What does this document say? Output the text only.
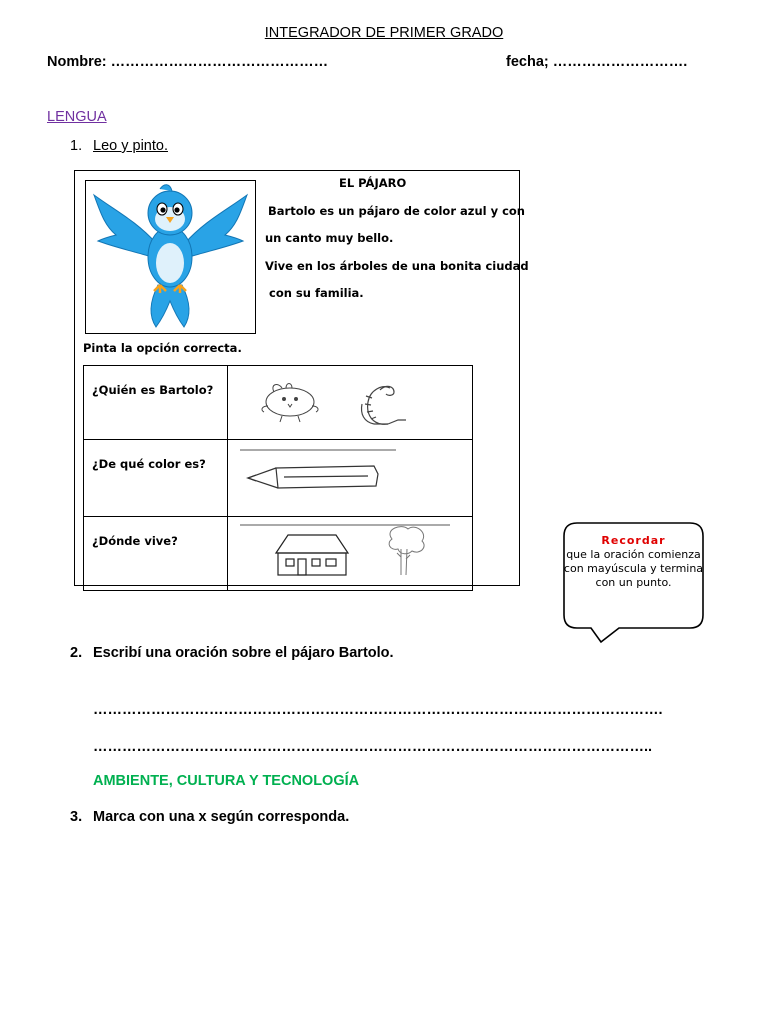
INTEGRADOR DE PRIMER GRADO
Nombre: ………………………………………	fecha; ……………………….
LENGUA
1. Leo y pinto.
EL PÁJARO
Bartolo es un pájaro de color azul y con
un canto muy bello.
Vive en los árboles de una bonita ciudad
con su familia.
Pinta la opción correcta.
¿Quién es Bartolo?

¿De qué color es?

¿Dónde vive?
		Recordar
que la oración comienza con mayúscula y termina con un punto.
2. Escribí una oración sobre el pájaro Bartolo.
……………………………………………………………………………………………………….
……………………………………………………………………………………………………..
AMBIENTE, CULTURA Y TECNOLOGÍA
3. Marca con una x según corresponda.
